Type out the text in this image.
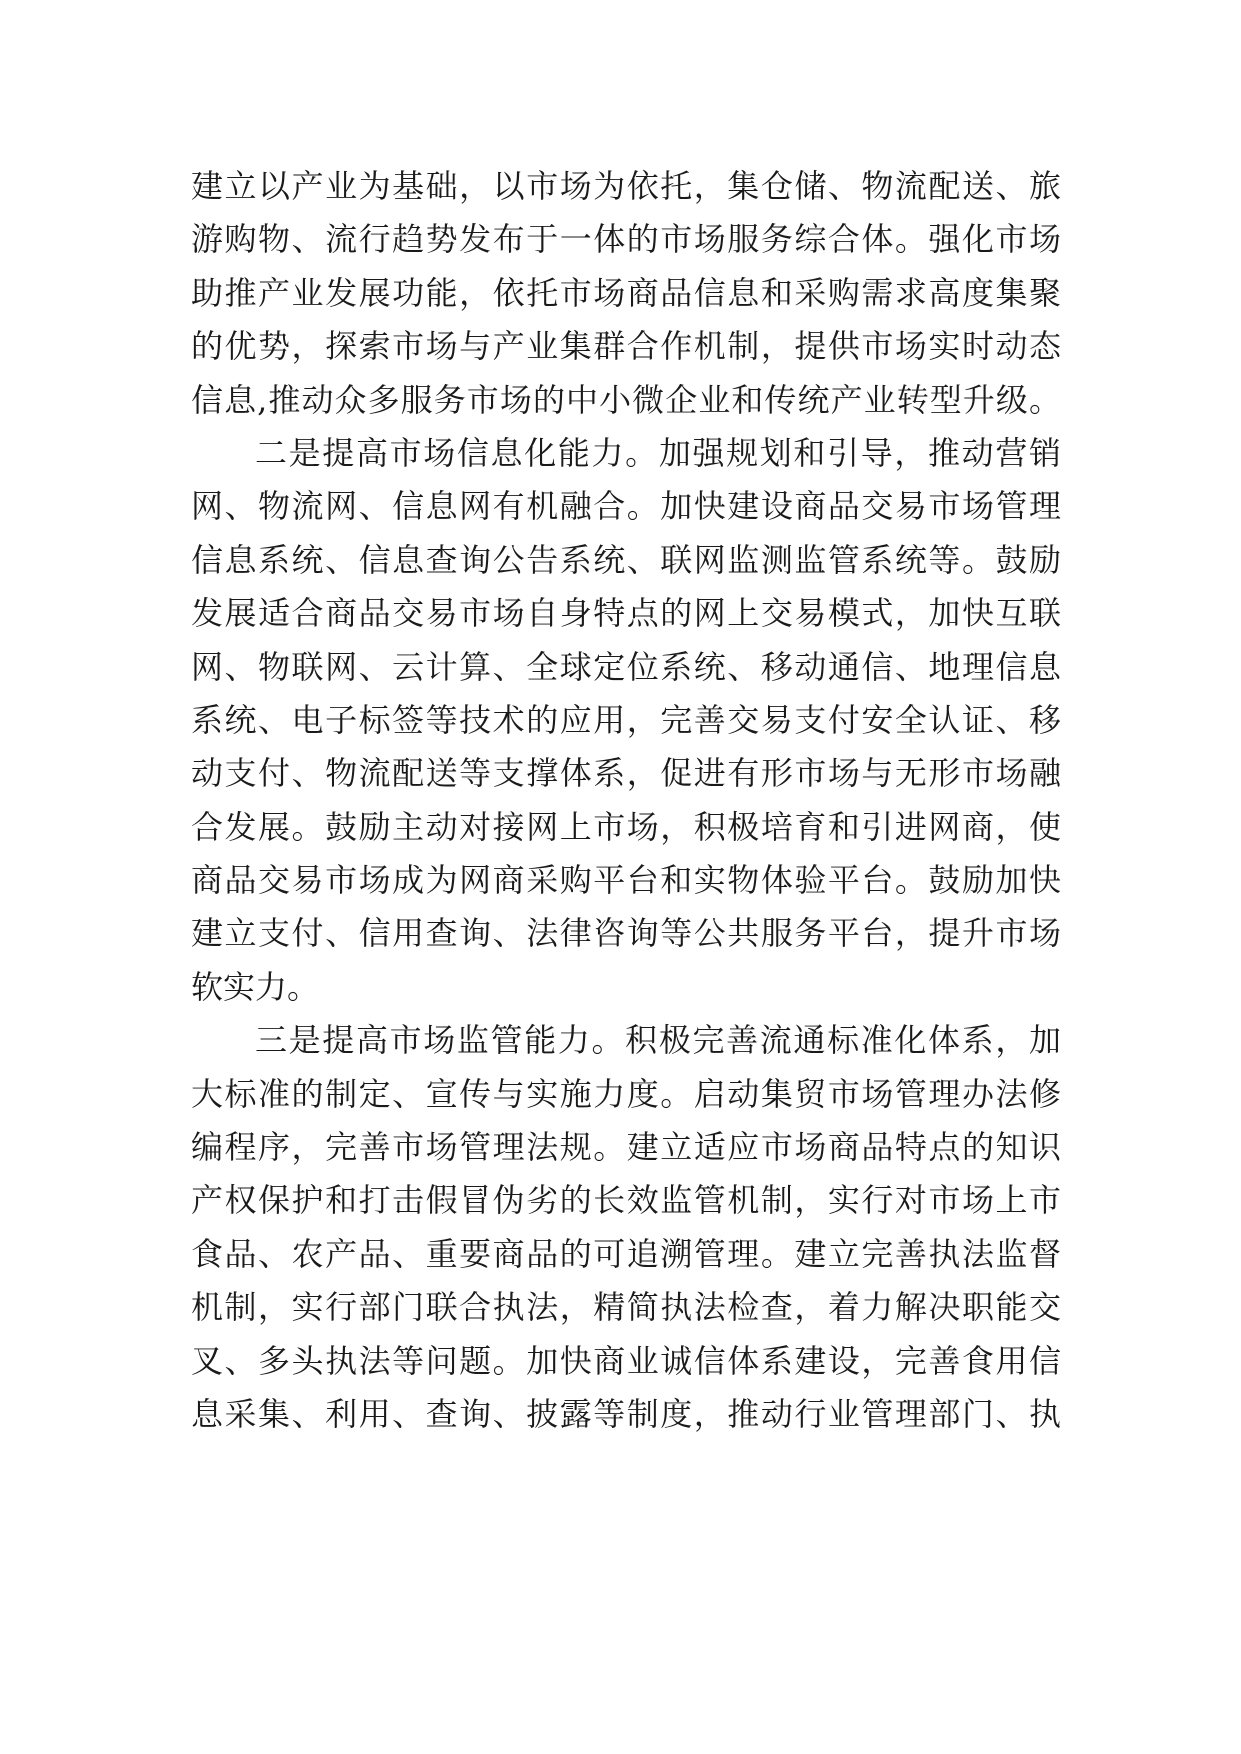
建立以产业为基础，以市场为依托，集仓储、物流配送、旅
游购物、流行趋势发布于一体的市场服务综合体。强化市场
助推产业发展功能，依托市场商品信息和采购需求高度集聚
的优势，探索市场与产业集群合作机制，提供市场实时动态
信息,推动众多服务市场的中小微企业和传统产业转型升级。
二是提高市场信息化能力。加强规划和引导，推动营销
网、物流网、信息网有机融合。加快建设商品交易市场管理
信息系统、信息查询公告系统、联网监测监管系统等。鼓励
发展适合商品交易市场自身特点的网上交易模式，加快互联
网、物联网、云计算、全球定位系统、移动通信、地理信息
系统、电子标签等技术的应用，完善交易支付安全认证、移
动支付、物流配送等支撑体系，促进有形市场与无形市场融
合发展。鼓励主动对接网上市场，积极培育和引进网商，使
商品交易市场成为网商采购平台和实物体验平台。鼓励加快
建立支付、信用查询、法律咨询等公共服务平台，提升市场
软实力。
三是提高市场监管能力。积极完善流通标准化体系，加
大标准的制定、宣传与实施力度。启动集贸市场管理办法修
编程序，完善市场管理法规。建立适应市场商品特点的知识
产权保护和打击假冒伪劣的长效监管机制，实行对市场上市
食品、农产品、重要商品的可追溯管理。建立完善执法监督
机制，实行部门联合执法，精简执法检查，着力解决职能交
叉、多头执法等问题。加快商业诚信体系建设，完善食用信
息采集、利用、查询、披露等制度，推动行业管理部门、执
